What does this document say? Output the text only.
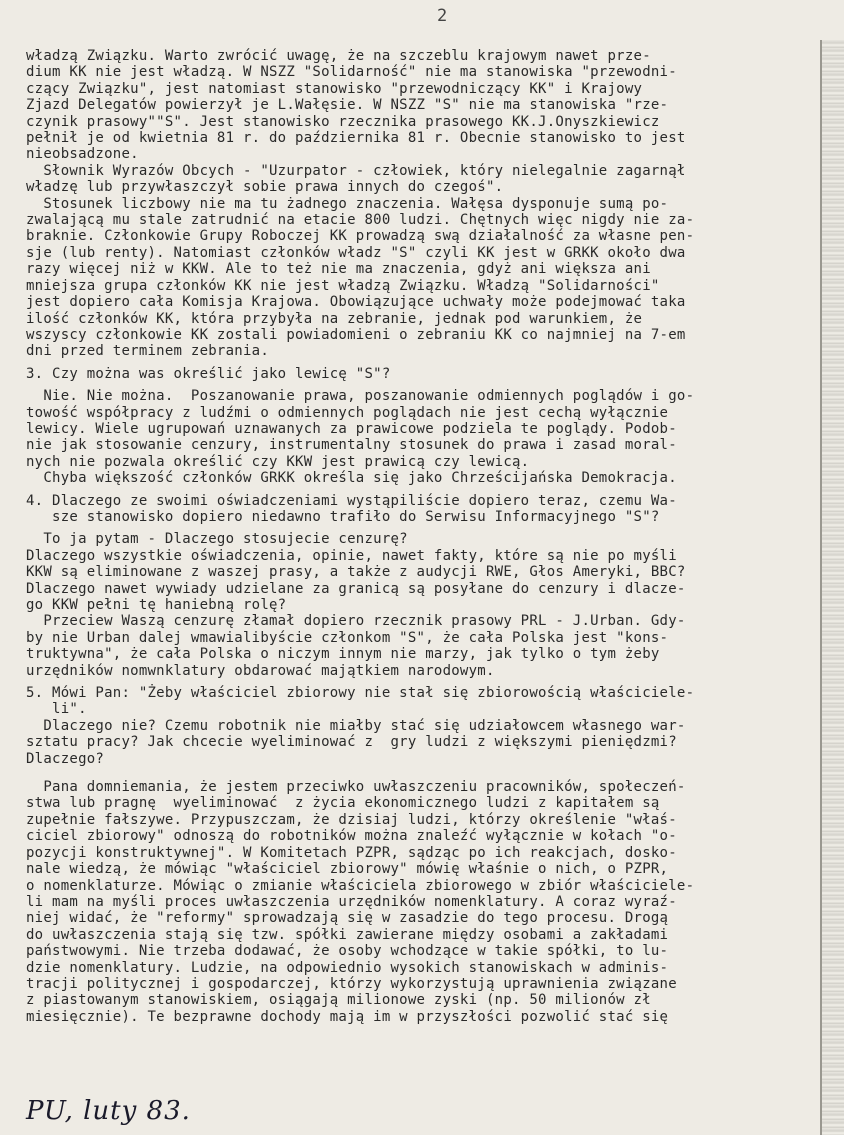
2
władzą Związku. Warto zwrócić uwagę, że na szczeblu krajowym nawet prze-
dium KK nie jest władzą. W NSZZ "Solidarność" nie ma stanowiska "przewodni-
czący Związku", jest natomiast stanowisko "przewodniczący KK" i Krajowy
Zjazd Delegatów powierzył je L.Wałęsie. W NSZZ "S" nie ma stanowiska "rze-
czynik prasowy""S". Jest stanowisko rzecznika prasowego KK.J.Onyszkiewicz
pełnił je od kwietnia 81 r. do października 81 r. Obecnie stanowisko to jest
nieobsadzone.
Słownik Wyrazów Obcych - "Uzurpator - człowiek, który nielegalnie zagarnął
władzę lub przywłaszczył sobie prawa innych do czegoś".
Stosunek liczbowy nie ma tu żadnego znaczenia. Wałęsa dysponuje sumą po-
zwalającą mu stale zatrudnić na etacie 800 ludzi. Chętnych więc nigdy nie za-
braknie. Członkowie Grupy Roboczej KK prowadzą swą działalność za własne pen-
sje (lub renty). Natomiast członków władz "S" czyli KK jest w GRKK około dwa
razy więcej niż w KKW. Ale to też nie ma znaczenia, gdyż ani większa ani
mniejsza grupa członków KK nie jest władzą Związku. Władzą "Solidarności"
jest dopiero cała Komisja Krajowa. Obowiązujące uchwały może podejmować taka
ilość członków KK, która przybyła na zebranie, jednak pod warunkiem, że
wszyscy członkowie KK zostali powiadomieni o zebraniu KK co najmniej na 7-em
dni przed terminem zebrania.
3. Czy można was określić jako lewicę "S"?
Nie. Nie można.  Poszanowanie prawa, poszanowanie odmiennych poglądów i go-
towość współpracy z ludźmi o odmiennych poglądach nie jest cechą wyłącznie
lewicy. Wiele ugrupowań uznawanych za prawicowe podziela te poglądy. Podob-
nie jak stosowanie cenzury, instrumentalny stosunek do prawa i zasad moral-
nych nie pozwala określić czy KKW jest prawicą czy lewicą.
Chyba większość członków GRKK określa się jako Chrześcijańska Demokracja.
4. Dlaczego ze swoimi oświadczeniami wystąpiliście dopiero teraz, czemu Wa-
sze stanowisko dopiero niedawno trafiło do Serwisu Informacyjnego "S"?
To ja pytam - Dlaczego stosujecie cenzurę?
Dlaczego wszystkie oświadczenia, opinie, nawet fakty, które są nie po myśli
KKW są eliminowane z waszej prasy, a także z audycji RWE, Głos Ameryki, BBC?
Dlaczego nawet wywiady udzielane za granicą są posyłane do cenzury i dlacze-
go KKW pełni tę haniebną rolę?
Przeciew Waszą cenzurę złamał dopiero rzecznik prasowy PRL - J.Urban. Gdy-
by nie Urban dalej wmawialibyście członkom "S", że cała Polska jest "kons-
truktywna", że cała Polska o niczym innym nie marzy, jak tylko o tym żeby
urzędników nomwnklatury obdarować majątkiem narodowym.
5. Mówi Pan: "Żeby właściciel zbiorowy nie stał się zbiorowością właściciele-
li".
Dlaczego nie? Czemu robotnik nie miałby stać się udziałowcem własnego war-
sztatu pracy? Jak chcecie wyeliminować z  gry ludzi z większymi pieniędzmi?
Dlaczego?
Pana domniemania, że jestem przeciwko uwłaszczeniu pracowników, społeczeń-
stwa lub pragnę  wyeliminować  z życia ekonomicznego ludzi z kapitałem są
zupełnie fałszywe. Przypuszczam, że dzisiaj ludzi, którzy określenie "właś-
ciciel zbiorowy" odnoszą do robotników można znaleźć wyłącznie w kołach "o-
pozycji konstruktywnej". W Komitetach PZPR, sądząc po ich reakcjach, dosko-
nale wiedzą, że mówiąc "właściciel zbiorowy" mówię właśnie o nich, o PZPR,
o nomenklaturze. Mówiąc o zmianie właściciela zbiorowego w zbiór właściciele-
li mam na myśli proces uwłaszczenia urzędników nomenklatury. A coraz wyraź-
niej widać, że "reformy" sprowadzają się w zasadzie do tego procesu. Drogą
do uwłaszczenia stają się tzw. spółki zawierane między osobami a zakładami
państwowymi. Nie trzeba dodawać, że osoby wchodzące w takie spółki, to lu-
dzie nomenklatury. Ludzie, na odpowiednio wysokich stanowiskach w adminis-
tracji politycznej i gospodarczej, którzy wykorzystują uprawnienia związane
z piastowanym stanowiskiem, osiągają milionowe zyski (np. 50 milionów zł
miesięcznie). Te bezprawne dochody mają im w przyszłości pozwolić stać się
PU, luty 83.
